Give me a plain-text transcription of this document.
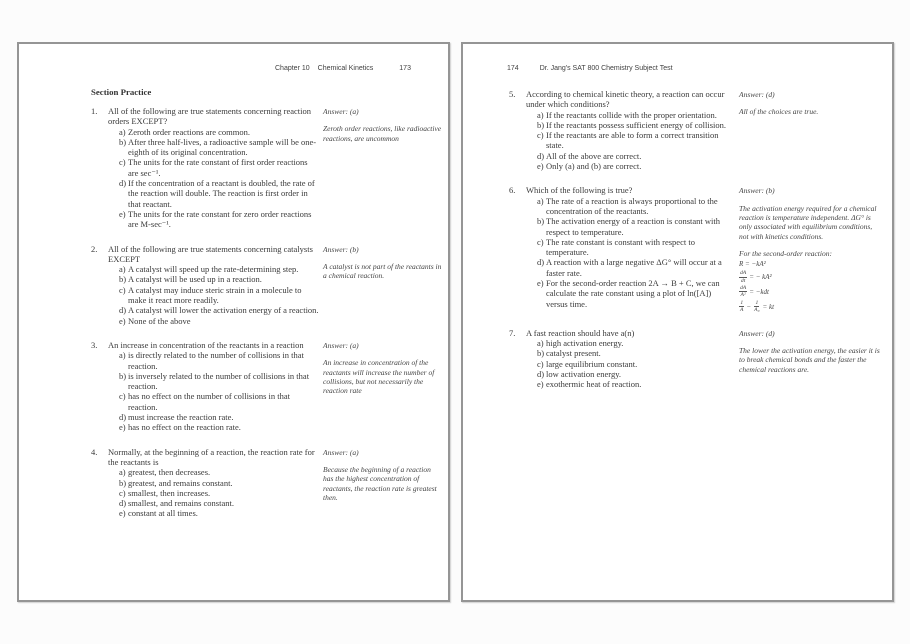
Chapter 10 Chemical Kinetics	173
Section Practice
1.	All of the following are true statements concerning reaction orders EXCEPT?
a) Zeroth order reactions are common.
b) After three half-lives, a radioactive sample will be one-eighth of its original concentration.
c) The units for the rate constant of first order reactions are sec⁻¹.
d) If the concentration of a reactant is doubled, the rate of the reaction will double. The reaction is first order in that reactant.
e) The units for the rate constant for zero order reactions are M-sec⁻¹.
Answer: (a)
Zeroth order reactions, like radioactive reactions, are uncommon
2.	All of the following are true statements concerning catalysts EXCEPT
a) A catalyst will speed up the rate-determining step.
b) A catalyst will be used up in a reaction.
c) A catalyst may induce steric strain in a molecule to make it react more readily.
d) A catalyst will lower the activation energy of a reaction.
e) None of the above
Answer: (b)
A catalyst is not part of the reactants in a chemical reaction.
3.	An increase in concentration of the reactants in a reaction
a) is directly related to the number of collisions in that reaction.
b) is inversely related to the number of collisions in that reaction.
c) has no effect on the number of collisions in that reaction.
d) must increase the reaction rate.
e) has no effect on the reaction rate.
Answer: (a)
An increase in concentration of the reactants will increase the number of collisions, but not necessarily the reaction rate
4.	Normally, at the beginning of a reaction, the reaction rate for the reactants is
a) greatest, then decreases.
b) greatest, and remains constant.
c) smallest, then increases.
d) smallest, and remains constant.
e) constant at all times.
Answer: (a)
Because the beginning of a reaction has the highest concentration of reactants, the reaction rate is greatest then.
174	Dr. Jang's SAT 800 Chemistry Subject Test
5.	According to chemical kinetic theory, a reaction can occur under which conditions?
a) If the reactants collide with the proper orientation.
b) If the reactants possess sufficient energy of collision.
c) If the reactants are able to form a correct transition state.
d) All of the above are correct.
e) Only (a) and (b) are correct.
Answer: (d)
All of the choices are true.
6.	Which of the following is true?
a) The rate of a reaction is always proportional to the concentration of the reactants.
b) The activation energy of a reaction is constant with respect to temperature.
c) The rate constant is constant with respect to temperature.
d) A reaction with a large negative ΔG° will occur at a faster rate.
e) For the second-order reaction 2A → B + C, we can calculate the rate constant using a plot of ln([A]) versus time.
Answer: (b)
The activation energy required for a chemical reaction is temperature independent. ΔG° is only associated with equilibrium conditions, not with kinetics conditions.
For the second-order reaction:
R = −kA²
$\frac{dA}{dt}$ = − kA²
$\frac{dA}{\text{A²}} = -kdt$
$\frac{1}{A} - \frac{1}{\text{A₀}}$ = kt
7.	A fast reaction should have a(n)
a) high activation energy.
b) catalyst present.
c) large equilibrium constant.
d) low activation energy.
e) exothermic heat of reaction.
Answer: (d)
The lower the activation energy, the easier it is to break chemical bonds and the faster the chemical reactions are.
